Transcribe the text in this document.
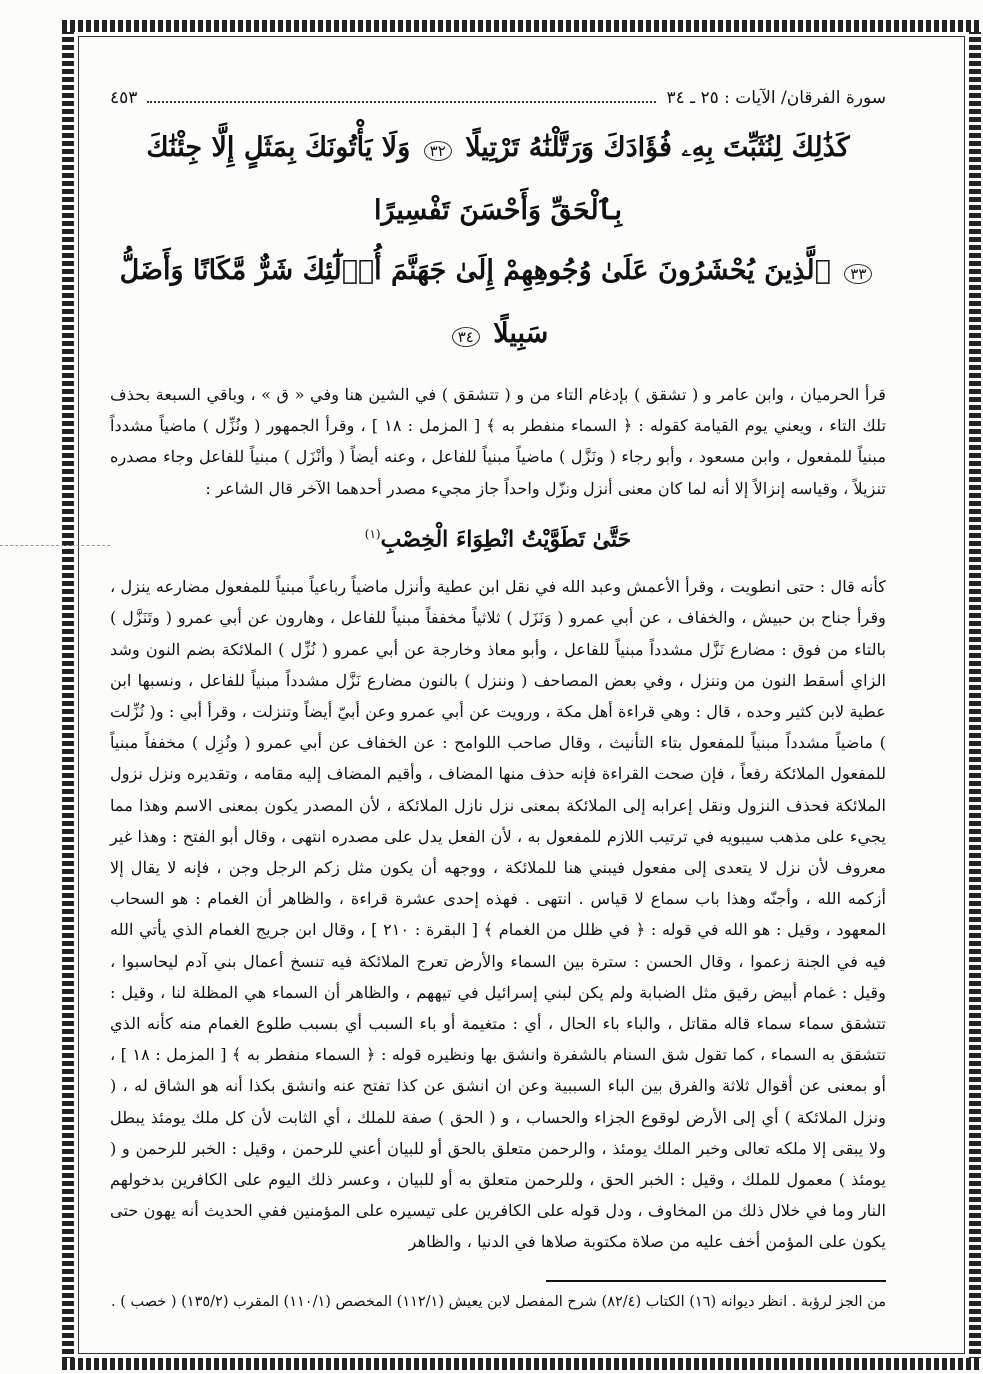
سورة الفرقان/ الآيات : ٢٥ ـ ٣٤
٤٥٣
كَذَٰلِكَ لِنُثَبِّتَ بِهِۦ فُؤَادَكَ وَرَتَّلْنَٰهُ تَرْتِيلًا ٣٢ وَلَا يَأْتُونَكَ بِمَثَلٍ إِلَّا جِئْنَٰكَ بِٱلْحَقِّ وَأَحْسَنَ تَفْسِيرًا
٣٣ ٱلَّذِينَ يُحْشَرُونَ عَلَىٰ وُجُوهِهِمْ إِلَىٰ جَهَنَّمَ أُو۟لَٰٓئِكَ شَرٌّ مَّكَانًا وَأَضَلُّ سَبِيلًا ٣٤

قرأ الحرميان ، وابن عامر و ( تشقق ) بإدغام التاء من و ( تتشقق ) في الشين هنا وفي « ق » ، وباقي السبعة بحذف تلك التاء ، ويعني يوم القيامة كقوله : ﴿ السماء منفطر به ﴾ [ المزمل : ١٨ ] ، وقرأ الجمهور ( ونُزِّل ) ماضياً مشدداً مبنياً للمفعول ، وابن مسعود ، وأبو رجاء ( ونَزَّل ) ماضياً مبنياً للفاعل ، وعنه أيضاً ( وأنْزَل ) مبنياً للفاعل وجاء مصدره تنزيلاً ، وقياسه إنزالاً إلا أنه لما كان معنى أنزل ونزّل واحداً جاز مجيء مصدر أحدهما الآخر قال الشاعر :

حَتَّىٰ تَطَوَّيْتُ انْطِوَاءَ الْخِصْبِ$^{(١)}$

كأنه قال : حتى انطويت ، وقرأ الأعمش وعبد الله في نقل ابن عطية وأنزل ماضياً رباعياً مبنياً للمفعول مضارعه ينزل ، وقرأ جناح بن حبيش ، والخفاف ، عن أبي عمرو ( وَنَزَل ) ثلاثياً مخففاً مبنياً للفاعل ، وهارون عن أبي عمرو ( وتَنَزَّل ) بالتاء من فوق : مضارع نَزَّل مشدداً مبنياً للفاعل ، وأبو معاذ وخارجة عن أبي عمرو ( نُزِّل ) الملائكة بضم النون وشد الزاي أسقط النون من وننزل ، وفي بعض المصاحف ( وننزل ) بالنون مضارع نَزَّل مشدداً مبنياً للفاعل ، ونسبها ابن عطية لابن كثير وحده ، قال : وهي قراءة أهل مكة ، ورويت عن أبي عمرو وعن أبيّ أيضاً وتنزلت ، وقرأ أبي : و( نُزِّلت ) ماضياً مشدداً مبنياً للمفعول بتاء التأنيث ، وقال صاحب اللوامح : عن الخفاف عن أبي عمرو ( ونُزِل ) مخففاً مبنياً للمفعول الملائكة رفعاً ، فإن صحت القراءة فإنه حذف منها المضاف ، وأقيم المضاف إليه مقامه ، وتقديره ونزل نزول الملائكة فحذف النزول ونقل إعرابه إلى الملائكة بمعنى نزل نازل الملائكة ، لأن المصدر يكون بمعنى الاسم وهذا مما يجيء على مذهب سيبويه في ترتيب اللازم للمفعول به ، لأن الفعل يدل على مصدره انتهى ، وقال أبو الفتح : وهذا غير معروف لأن نزل لا يتعدى إلى مفعول فيبني هنا للملائكة ، ووجهه أن يكون مثل زكم الرجل وجن ، فإنه لا يقال إلا أزكمه الله ، وأجنّه وهذا باب سماع لا قياس . انتهى . فهذه إحدى عشرة قراءة ، والظاهر أن الغمام : هو السحاب المعهود ، وقيل : هو الله في قوله : ﴿ في ظلل من الغمام ﴾ [ البقرة : ٢١٠ ] ، وقال ابن جريج الغمام الذي يأتي الله فيه في الجنة زعموا ، وقال الحسن : سترة بين السماء والأرض تعرج الملائكة فيه تنسخ أعمال بني آدم ليحاسبوا ، وقيل : غمام أبيض رقيق مثل الضبابة ولم يكن لبني إسرائيل في تيههم ، والظاهر أن السماء هي المظلة لنا ، وقيل : تتشقق سماء سماء قاله مقاتل ، والباء باء الحال ، أي : متغيمة أو باء السبب أي بسبب طلوع الغمام منه كأنه الذي تتشقق به السماء ، كما تقول شق السنام بالشفرة وانشق بها ونظيره قوله : ﴿ السماء منفطر به ﴾ [ المزمل : ١٨ ] ، أو بمعنى عن أقوال ثلاثة والفرق بين الباء السببية وعن ان انشق عن كذا تفتح عنه وانشق بكذا أنه هو الشاق له ، ( ونزل الملائكة ) أي إلى الأرض لوقوع الجزاء والحساب ، و ( الحق ) صفة للملك ، أي الثابت لأن كل ملك يومئذ يبطل ولا يبقى إلا ملكه تعالى وخبر الملك يومئذ ، والرحمن متعلق بالحق أو للبيان أعني للرحمن ، وقيل : الخبر للرحمن و ( يومئذ ) معمول للملك ، وقيل : الخبر الحق ، وللرحمن متعلق به أو للبيان ، وعسر ذلك اليوم على الكافرين بدخولهم النار وما في خلال ذلك من المخاوف ، ودل قوله على الكافرين على تيسيره على المؤمنين ففي الحديث أنه يهون حتى يكون على المؤمن أخف عليه من صلاة مكتوبة صلاها في الدنيا ، والظاهر

من الجز لرؤبة . انظر ديوانه (١٦) الكتاب (٨٢/٤) شرح المفصل لابن يعيش (١١٢/١) المخصص (١١٠/١) المقرب (١٣٥/٢) ( خصب ) .
